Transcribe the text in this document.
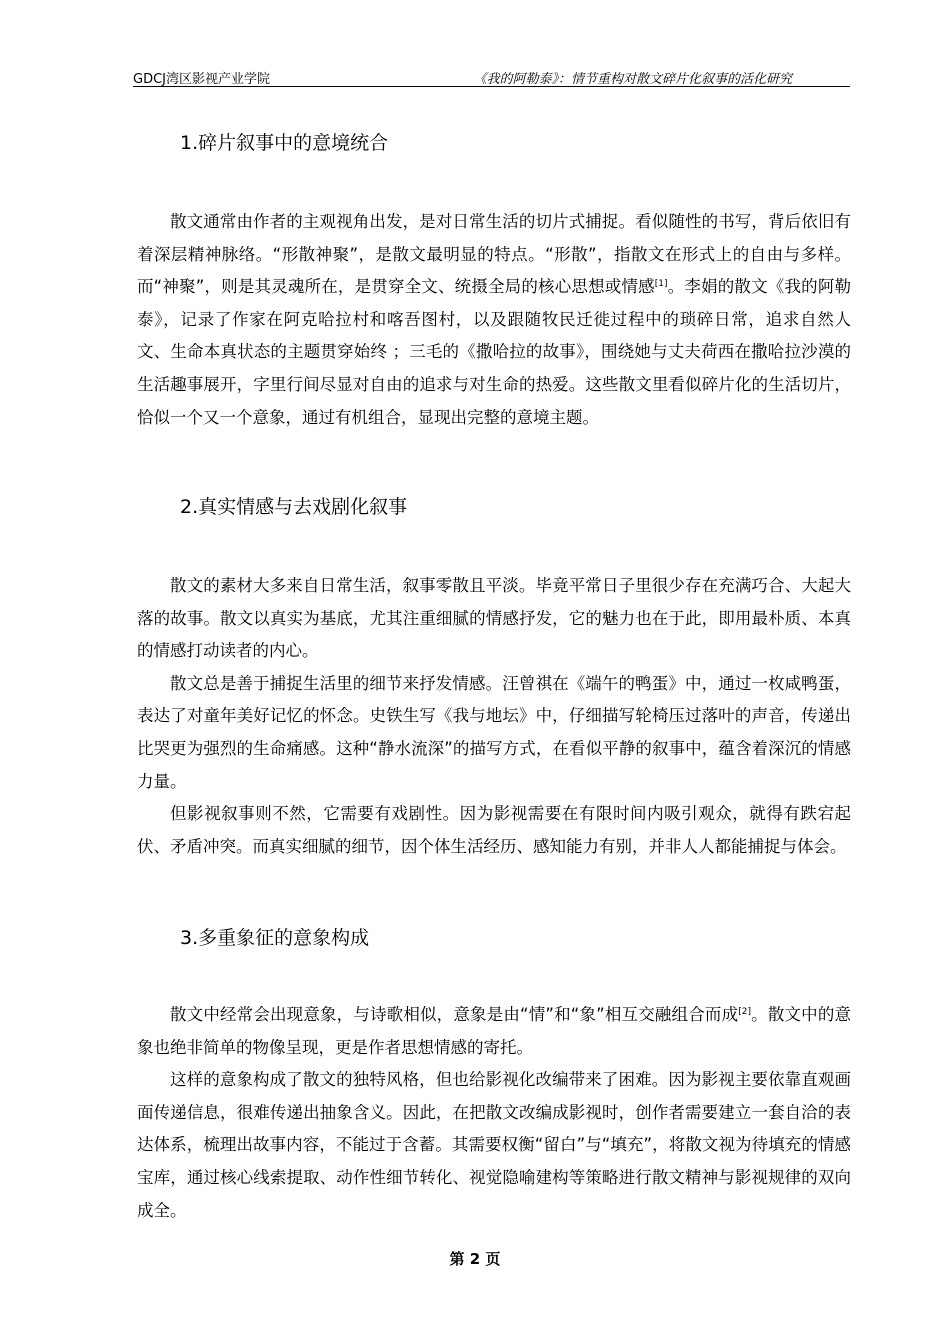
GDCJ湾区影视产业学院	《我的阿勒泰》：情节重构对散文碎片化叙事的活化研究
1.碎片叙事中的意境统合

散文通常由作者的主观视角出发，是对日常生活的切片式捕捉。看似随性的书写，背后依旧有着深层精神脉络。“形散神聚”，是散文最明显的特点。“形散”，指散文在形式上的自由与多样。而“神聚”，则是其灵魂所在，是贯穿全文、统摄全局的核心思想或情感[1]。李娟的散文《我的阿勒泰》，记录了作家在阿克哈拉村和喀吾图村，以及跟随牧民迁徙过程中的琐碎日常，追求自然人文、生命本真状态的主题贯穿始终 ；三毛的《撒哈拉的故事》，围绕她与丈夫荷西在撒哈拉沙漠的生活趣事展开，字里行间尽显对自由的追求与对生命的热爱。这些散文里看似碎片化的生活切片，恰似一个又一个意象，通过有机组合，显现出完整的意境主题。

2.真实情感与去戏剧化叙事

散文的素材大多来自日常生活，叙事零散且平淡。毕竟平常日子里很少存在充满巧合、大起大落的故事。散文以真实为基底，尤其注重细腻的情感抒发，它的魅力也在于此，即用最朴质、本真的情感打动读者的内心。

散文总是善于捕捉生活里的细节来抒发情感。汪曾祺在《端午的鸭蛋》中，通过一枚咸鸭蛋，表达了对童年美好记忆的怀念。史铁生写《我与地坛》中，仔细描写轮椅压过落叶的声音，传递出比哭更为强烈的生命痛感。这种“静水流深”的描写方式，在看似平静的叙事中，蕴含着深沉的情感力量。

但影视叙事则不然，它需要有戏剧性。因为影视需要在有限时间内吸引观众，就得有跌宕起伏、矛盾冲突。而真实细腻的细节，因个体生活经历、感知能力有别，并非人人都能捕捉与体会。

3.多重象征的意象构成

散文中经常会出现意象，与诗歌相似，意象是由“情”和“象”相互交融组合而成[2]。散文中的意象也绝非简单的物像呈现，更是作者思想情感的寄托。

这样的意象构成了散文的独特风格，但也给影视化改编带来了困难。因为影视主要依靠直观画面传递信息，很难传递出抽象含义。因此，在把散文改编成影视时，创作者需要建立一套自洽的表达体系，梳理出故事内容，不能过于含蓄。其需要权衡“留白”与“填充”，将散文视为待填充的情感宝库，通过核心线索提取、动作性细节转化、视觉隐喻建构等策略进行散文精神与影视规律的双向成全。

第 2 页
